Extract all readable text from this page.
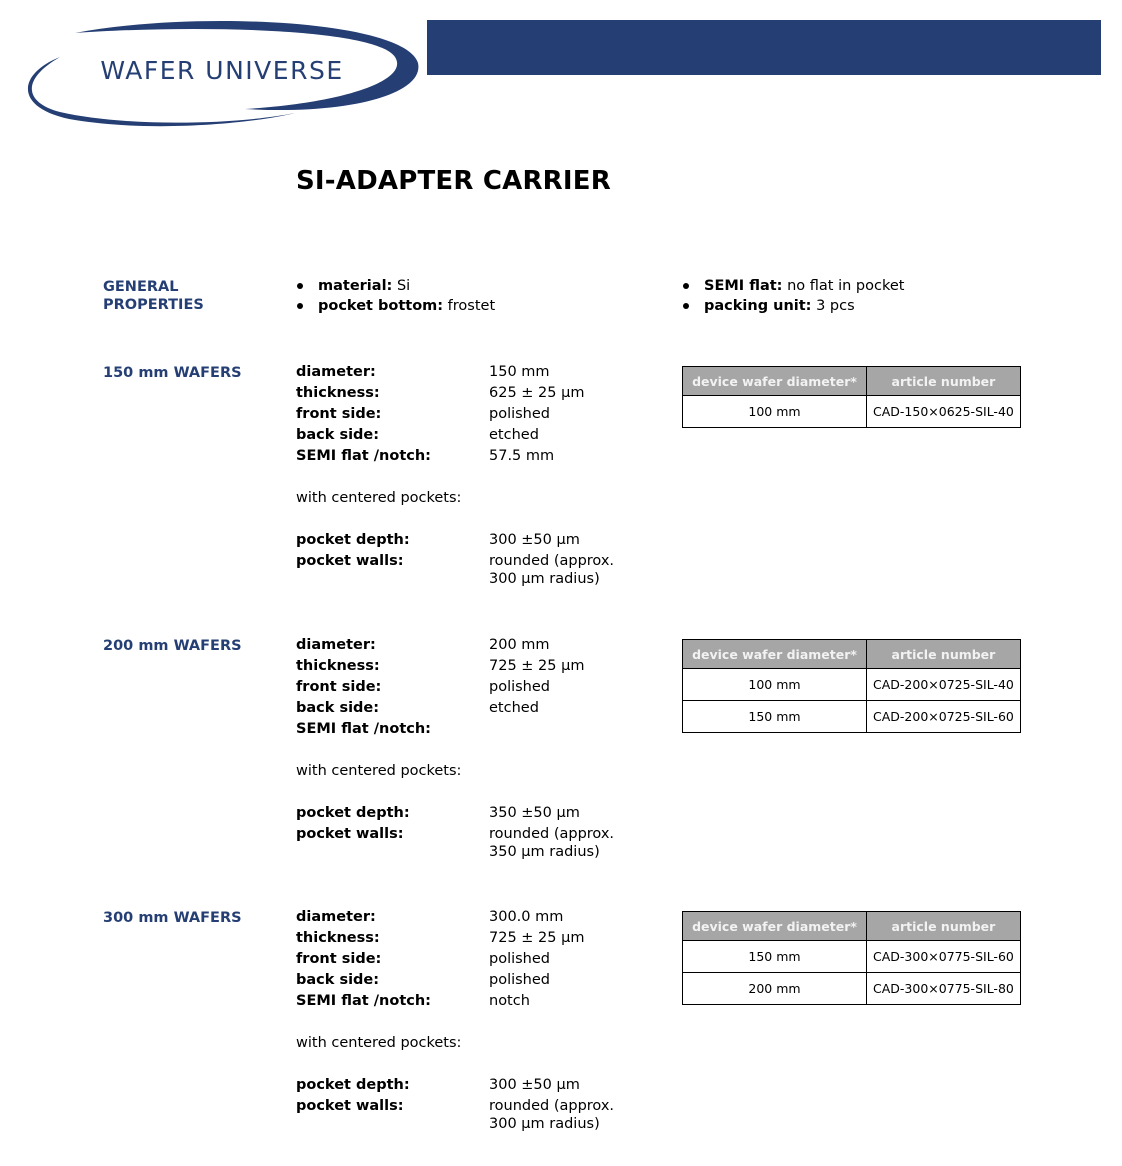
WAFER UNIVERSE
SI-ADAPTER CARRIER
GENERAL
PROPERTIES
material: Si
pocket bottom: frostet
SEMI flat: no flat in pocket
packing unit: 3 pcs
150 mm WAFERS	diameter:	150 mm
thickness:	625 ± 25 µm
front side:	polished
back side:	etched
SEMI flat /notch:	57.5 mm
with centered pockets:
pocket depth:	300 ±50 µm
pocket walls:	rounded (approx.
300 µm radius)
device wafer diameter*	article number
100 mm	CAD-150×0625-SIL-40
200 mm WAFERS	diameter:	200 mm
thickness:	725 ± 25 µm
front side:	polished
back side:	etched
SEMI flat /notch:
with centered pockets:
pocket depth:	350 ±50 µm
pocket walls:	rounded (approx.
350 µm radius)
device wafer diameter*	article number
100 mm	CAD-200×0725-SIL-40
150 mm	CAD-200×0725-SIL-60
300 mm WAFERS	diameter:	300.0 mm
thickness:	725 ± 25 µm
front side:	polished
back side:	polished
SEMI flat /notch:	notch
with centered pockets:
pocket depth:	300 ±50 µm
pocket walls:	rounded (approx.
300 µm radius)
device wafer diameter*	article number
150 mm	CAD-300×0775-SIL-60
200 mm	CAD-300×0775-SIL-80
